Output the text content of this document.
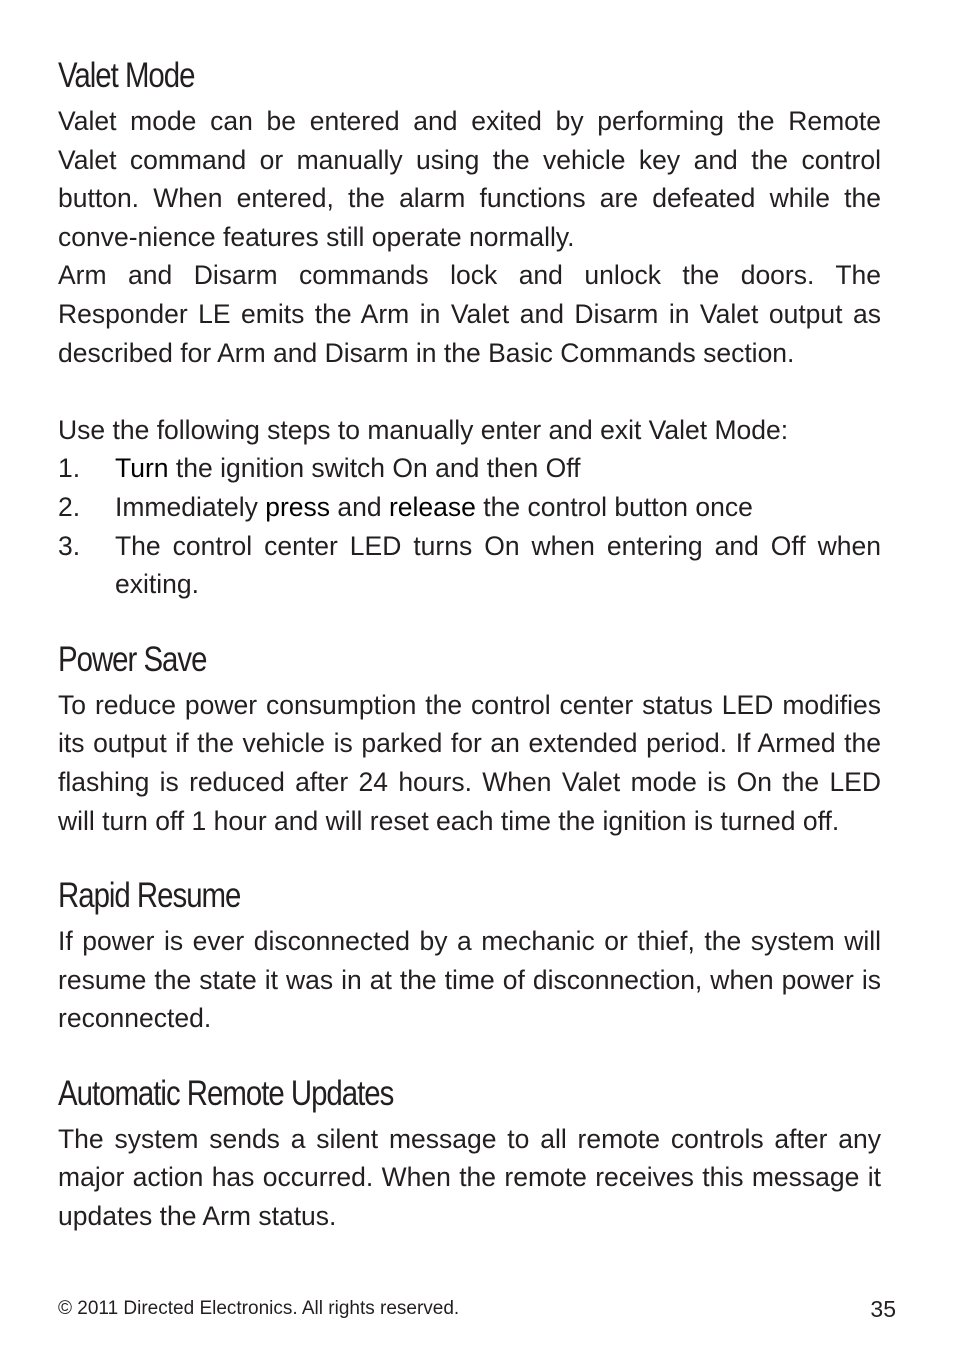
Valet Mode

Valet mode can be entered and exited by performing the Remote Valet command or manually using the vehicle key and the control button. When entered, the alarm functions are defeated while the conve-nience features still operate normally.

Arm and Disarm commands lock and unlock the doors. The Responder LE emits the Arm in Valet and Disarm in Valet output as described for Arm and Disarm in the Basic Commands section.

Use the following steps to manually enter and exit Valet Mode:

1. Turn the ignition switch On and then Off
2. Immediately press and release the control button once
3. The control center LED turns On when entering and Off when exiting.
Power Save

To reduce power consumption the control center status LED modifies its output if the vehicle is parked for an extended period. If Armed the flashing is reduced after 24 hours. When Valet mode is On the LED will turn off 1 hour and will reset each time the ignition is turned off.

Rapid Resume

If power is ever disconnected by a mechanic or thief, the system will resume the state it was in at the time of disconnection, when power is reconnected.

Automatic Remote Updates

The system sends a silent message to all remote controls after any major action has occurred. When the remote receives this message it updates the Arm status.

© 2011 Directed Electronics. All rights reserved.	35
